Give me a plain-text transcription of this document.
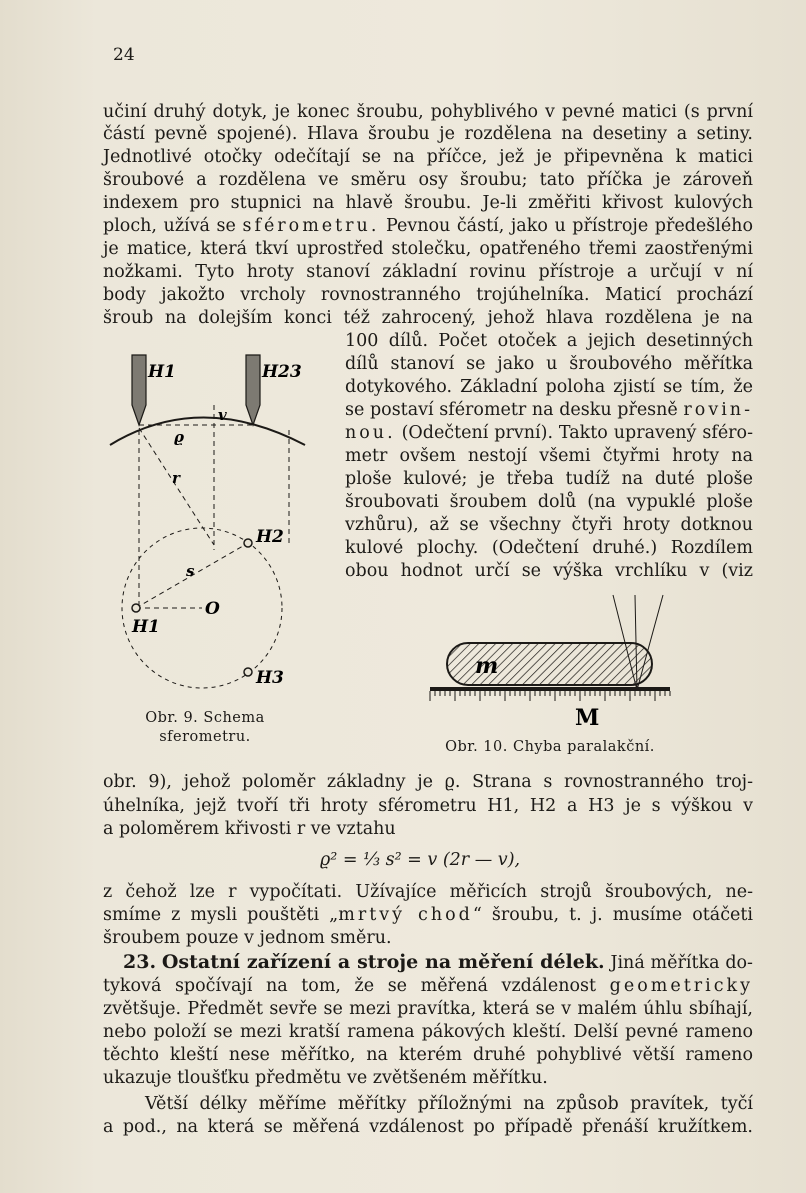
24
učiní druhý dotyk, je konec šroubu, pohyblivého v pevné matici (s první
částí pevně spojené). Hlava šroubu je rozdělena na desetiny a setiny.
Jednotlivé otočky odečítají se na příčce, jež je připevněna k matici
šroubové a rozdělena ve směru osy šroubu; tato příčka je zároveň
indexem pro stupnici na hlavě šroubu. Je-li změřiti křivost kulových
ploch, užívá se sférometru. Pevnou částí, jako u přístroje předešlého
je matice, která tkví uprostřed stolečku, opatřeného třemi zaostřenými
nožkami. Tyto hroty stanoví základní rovinu přístroje a určují v ní
body jakožto vrcholy rovnostranného trojúhelníka. Maticí prochází
šroub na dolejším konci též zahrocený, jehož hlava rozdělena je na
100 dílů. Počet otoček a jejich desetinných
dílů stanoví se jako u šroubového měřítka
dotykového. Základní poloha zjistí se tím, že
se postaví sférometr na desku přesně rovin-
nou. (Odečtení první). Takto upravený sféro-
metr ovšem nestojí všemi čtyřmi hroty na
ploše kulové; je třeba tudíž na duté ploše
šroubovati šroubem dolů (na vypuklé ploše
vzhůru), až se všechny čtyři hroty dotknou
kulové plochy. (Odečtení druhé.) Rozdílem
obou hodnot určí se výška vrchlíku v (viz
H1	H23
v
ϱ
r
s
O
H1
H2
H3
Obr. 9. Schema
sferometru.
m
M
Obr. 10. Chyba paralakční.
obr. 9), jehož poloměr základny je ϱ. Strana s rovnostranného troj-
úhelníka, jejž tvoří tři hroty sférometru H1, H2 a H3 je s výškou v
a poloměrem křivosti r ve vztahu
ϱ² = ⅓ s² = v (2r — v),
z čehož lze r vypočítati. Užívajíce měřicích strojů šroubových, ne-
smíme z mysli pouštěti „mrtvý chod“ šroubu, t. j. musíme otáčeti
šroubem pouze v jednom směru.
23. Ostatní zařízení a stroje na měření délek. Jiná měřítka do-
tyková spočívají na tom, že se měřená vzdálenost geometricky
zvětšuje. Předmět sevře se mezi pravítka, která se v malém úhlu sbíhají,
nebo položí se mezi kratší ramena pákových kleští. Delší pevné rameno
těchto kleští nese měřítko, na kterém druhé pohyblivé větší rameno
ukazuje tloušťku předmětu ve zvětšeném měřítku.
Větší délky měříme měřítky příložnými na způsob pravítek, tyčí
a pod., na která se měřená vzdálenost po případě přenáší kružítkem.
